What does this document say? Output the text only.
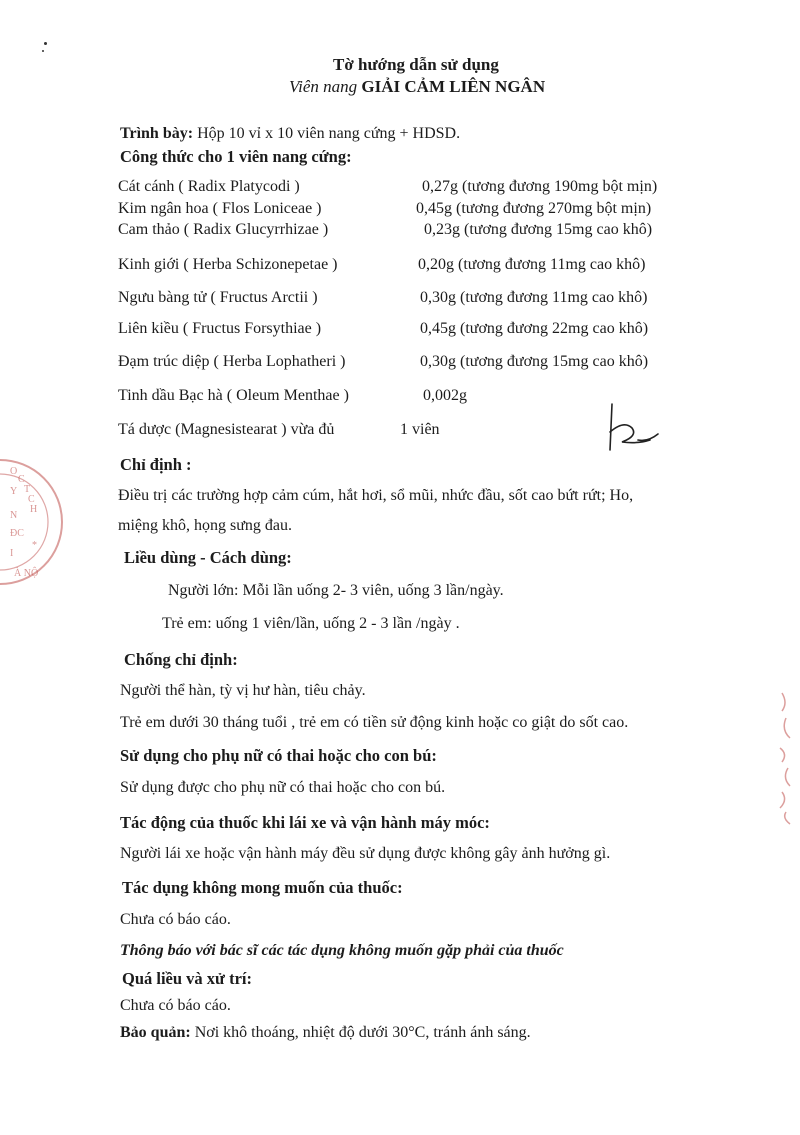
Tờ hướng dẫn sử dụng
Viên nang GIẢI CẢM LIÊN NGÂN
Trình bày: Hộp 10 vỉ x 10 viên nang cứng + HDSD.
Công thức cho 1 viên nang cứng:
Cát cánh ( Radix Platycodi )	0,27g (tương đương 190mg bột mịn)
Kim ngân hoa ( Flos Loniceae )	0,45g (tương đương 270mg bột mịn)
Cam thảo ( Radix Glucyrrhizae )	0,23g (tương đương 15mg cao khô)
Kinh giới ( Herba Schizonepetae )	0,20g (tương đương 11mg cao khô)
Ngưu bàng tử ( Fructus Arctii )	0,30g (tương đương 11mg cao khô)
Liên kiều ( Fructus Forsythiae )	0,45g (tương đương 22mg cao khô)
Đạm trúc diệp ( Herba Lophatheri )	0,30g (tương đương 15mg cao khô)
Tinh dầu Bạc hà ( Oleum Menthae )	0,002g
Tá dược (Magnesistearat ) vừa đủ	1 viên
Chỉ định :
Điều trị các trường hợp cảm cúm, hắt hơi, sổ mũi, nhức đầu, sốt cao bứt rứt; Ho,
miệng khô, họng sưng đau.
Liều dùng - Cách dùng:
Người lớn: Mỗi lần uống 2- 3 viên, uống 3 lần/ngày.
Trẻ em: uống 1 viên/lần, uống 2 - 3 lần /ngày .
Chống chỉ định:
Người thể hàn, tỳ vị hư hàn, tiêu chảy.
Trẻ em dưới 30 tháng tuổi , trẻ em có tiền sử động kinh hoặc co giật do sốt cao.
Sử dụng cho phụ nữ có thai hoặc cho con bú:
Sử dụng được cho phụ nữ có thai hoặc cho con bú.
Tác động của thuốc khi lái xe và vận hành máy móc:
Người lái xe hoặc vận hành máy đều sử dụng được không gây ảnh hưởng gì.
Tác dụng không mong muốn của thuốc:
Chưa có báo cáo.
Thông báo với bác sĩ các tác dụng không muốn gặp phải của thuốc
Quá liều và xử trí:
Chưa có báo cáo.
Bảo quản: Nơi khô thoáng, nhiệt độ dưới 30°C, tránh ánh sáng.
O
C
T
C
H
Y
N
ĐC
I
*
À NỘ
